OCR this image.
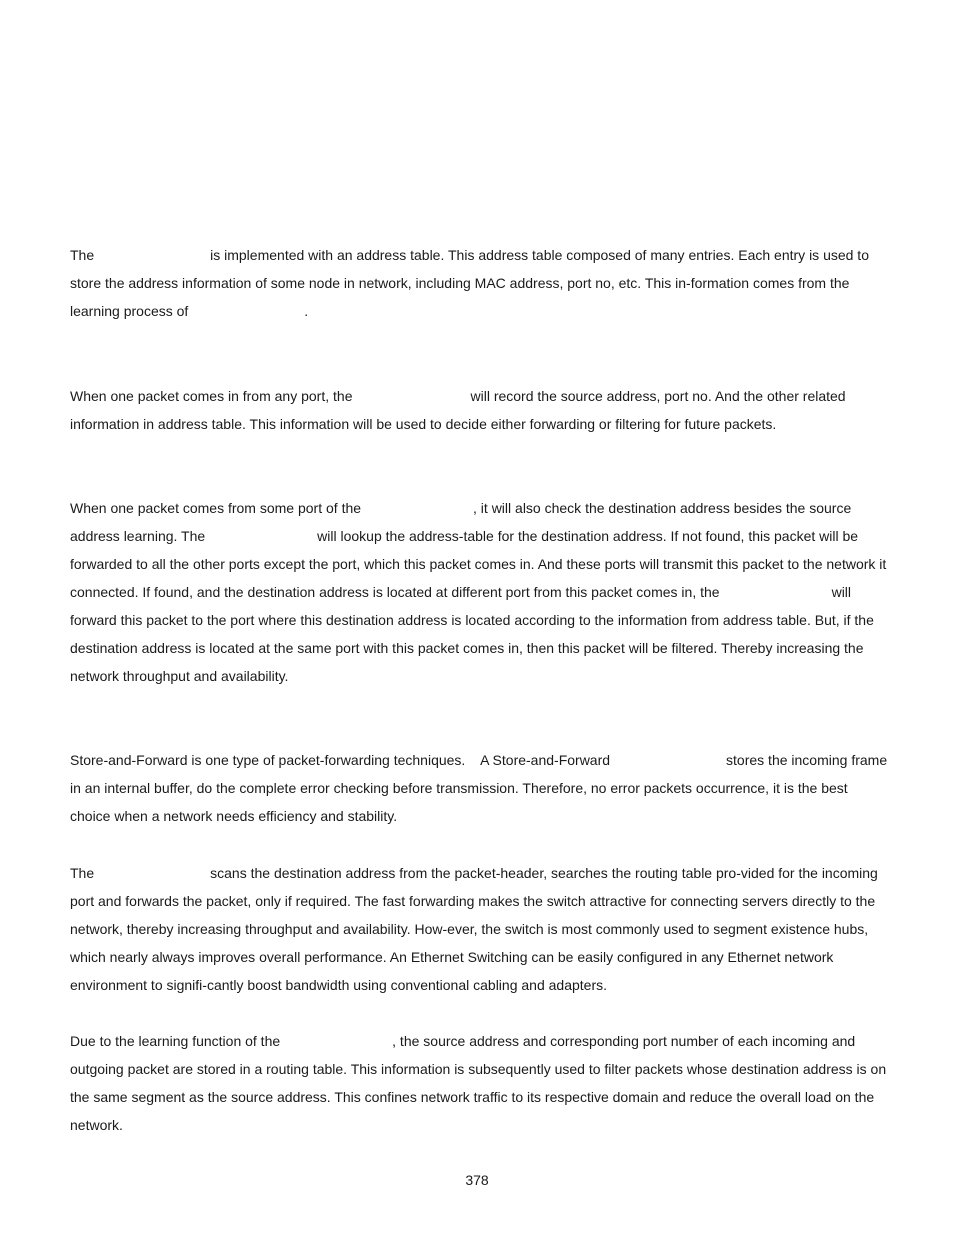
The	is implemented with an address table. This address table composed of many entries. Each entry is used to store the address information of some node in network, including MAC address, port no, etc. This in-formation comes from the learning process of	.

When one packet comes in from any port, the	will record the source address, port no. And the other related information in address table. This information will be used to decide either forwarding or filtering for future packets.

When one packet comes from some port of the	, it will also check the destination address besides the source address learning. The	will lookup the address-table for the destination address. If not found, this packet will be forwarded to all the other ports except the port, which this packet comes in. And these ports will transmit this packet to the network it connected. If found, and the destination address is located at different port from this packet comes in, the	will forward this packet to the port where this destination address is located according to the information from address table. But, if the destination address is located at the same port with this packet comes in, then this packet will be filtered. Thereby increasing the network throughput and availability.

Store-and-Forward is one type of packet-forwarding techniques.    A Store-and-Forward	stores the incoming frame in an internal buffer, do the complete error checking before transmission. Therefore, no error packets occurrence, it is the best choice when a network needs efficiency and stability.

The	scans the destination address from the packet-header, searches the routing table pro-vided for the incoming port and forwards the packet, only if required. The fast forwarding makes the switch attractive for connecting servers directly to the network, thereby increasing throughput and availability. How-ever, the switch is most commonly used to segment existence hubs, which nearly always improves overall performance. An Ethernet Switching can be easily configured in any Ethernet network environment to signifi-cantly boost bandwidth using conventional cabling and adapters.

Due to the learning function of the	, the source address and corresponding port number of each incoming and outgoing packet are stored in a routing table. This information is subsequently used to filter packets whose destination address is on the same segment as the source address. This confines network traffic to its respective domain and reduce the overall load on the network.

378
